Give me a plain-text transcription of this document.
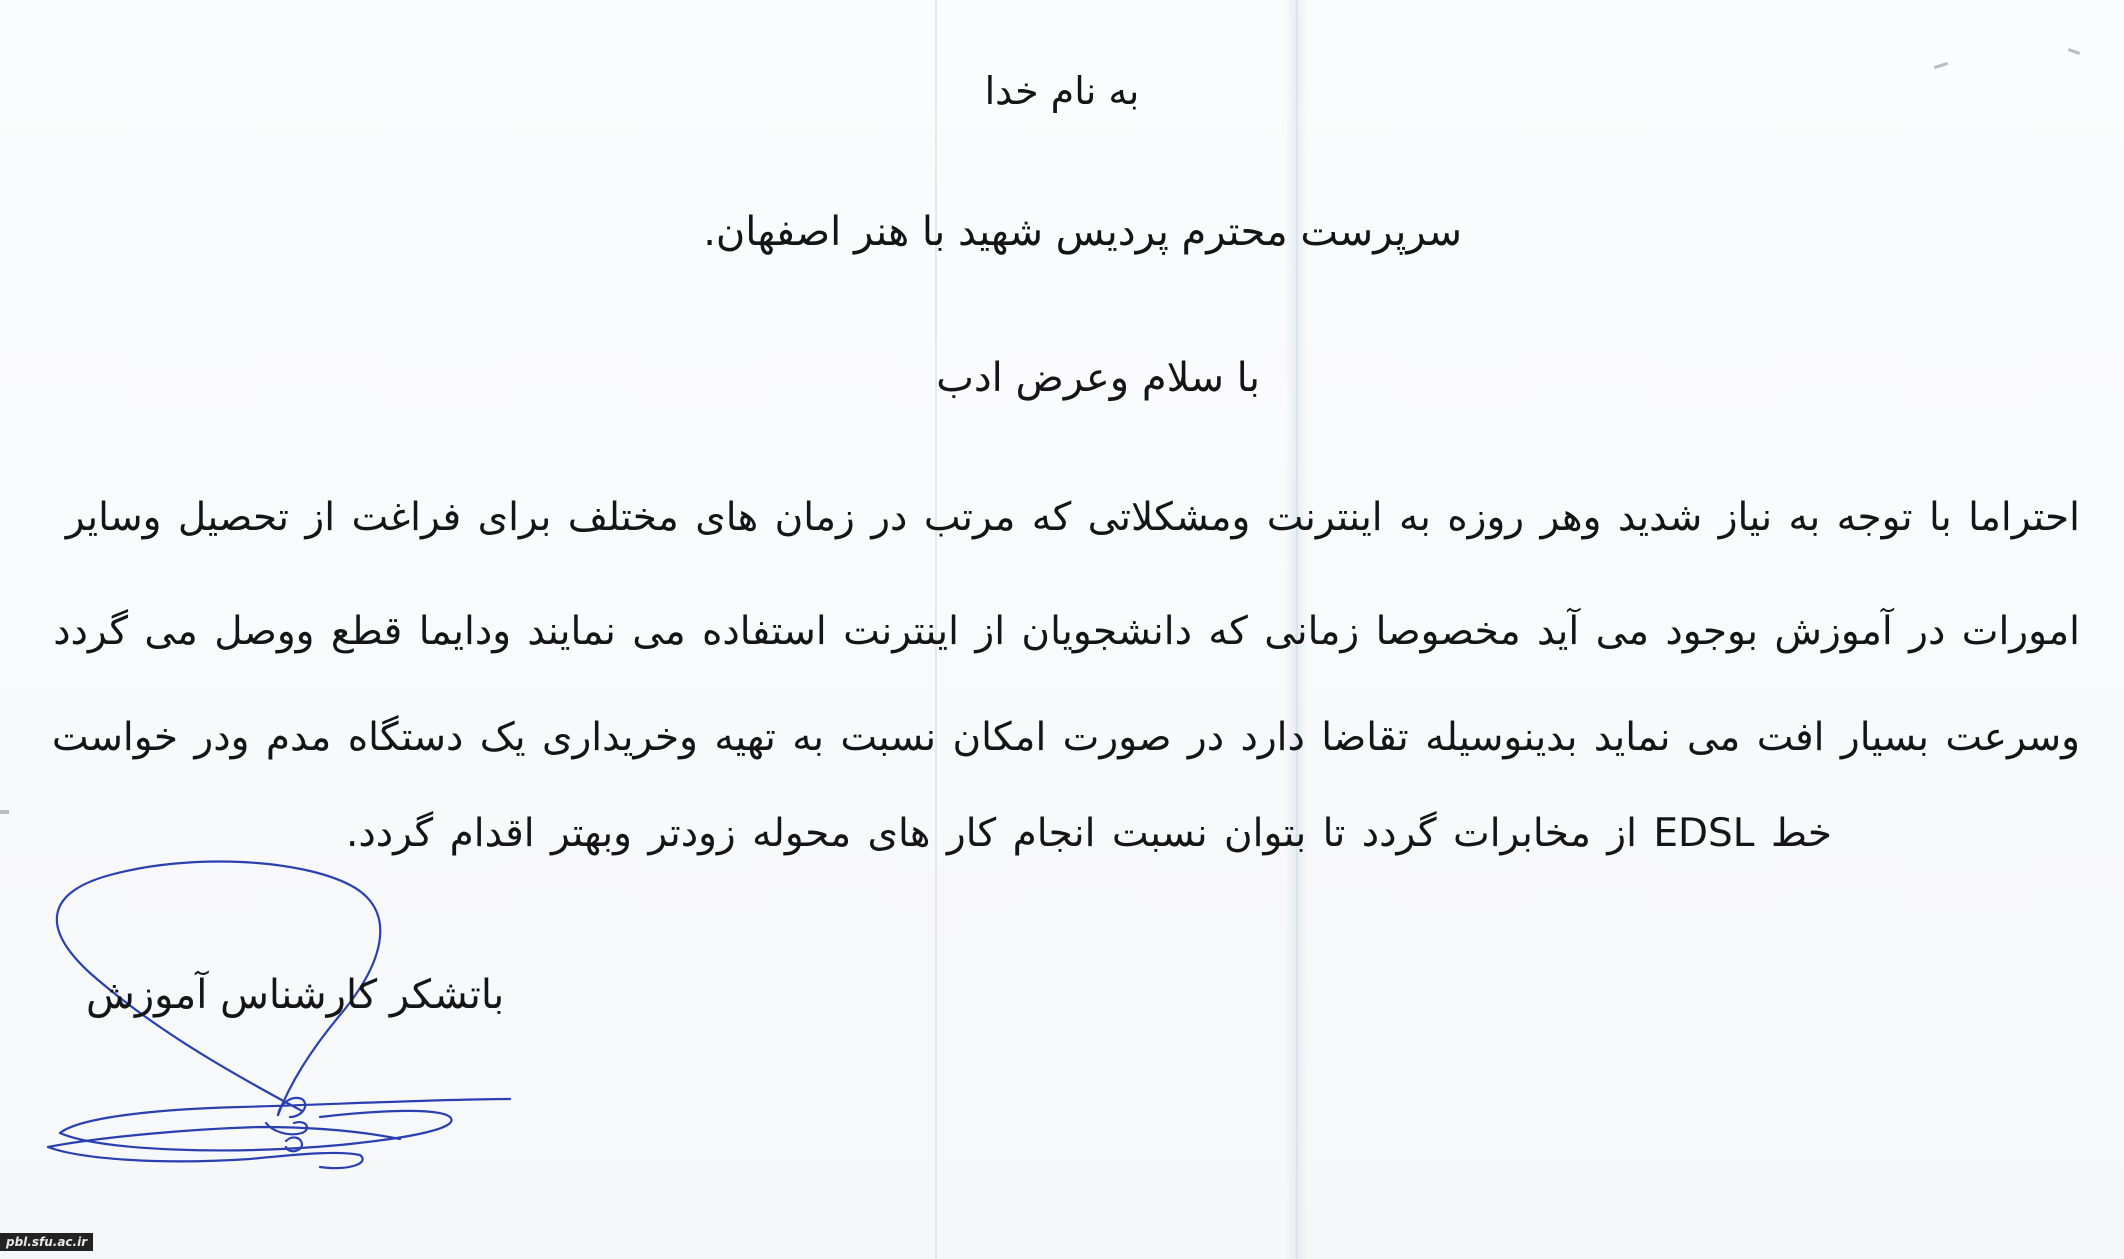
به نام خدا

سرپرست محترم پردیس شهید با هنر اصفهان.

با سلام وعرض ادب

احتراما با توجه به نیاز شدید وهر روزه به اینترنت ومشکلاتی که مرتب در زمان های مختلف برای فراغت از تحصیل وسایر

امورات در آموزش بوجود می آید مخصوصا زمانی که دانشجویان از اینترنت استفاده می نمایند ودایما قطع ووصل می گردد

وسرعت بسیار افت می نماید بدینوسیله تقاضا دارد در صورت امکان نسبت به تهیه وخریداری یک دستگاه مدم ودر خواست

خط EDSL از مخابرات گردد تا بتوان نسبت انجام کار های محوله زودتر وبهتر اقدام گردد.

باتشکر کارشناس آموزش

pbl.sfu.ac.ir
